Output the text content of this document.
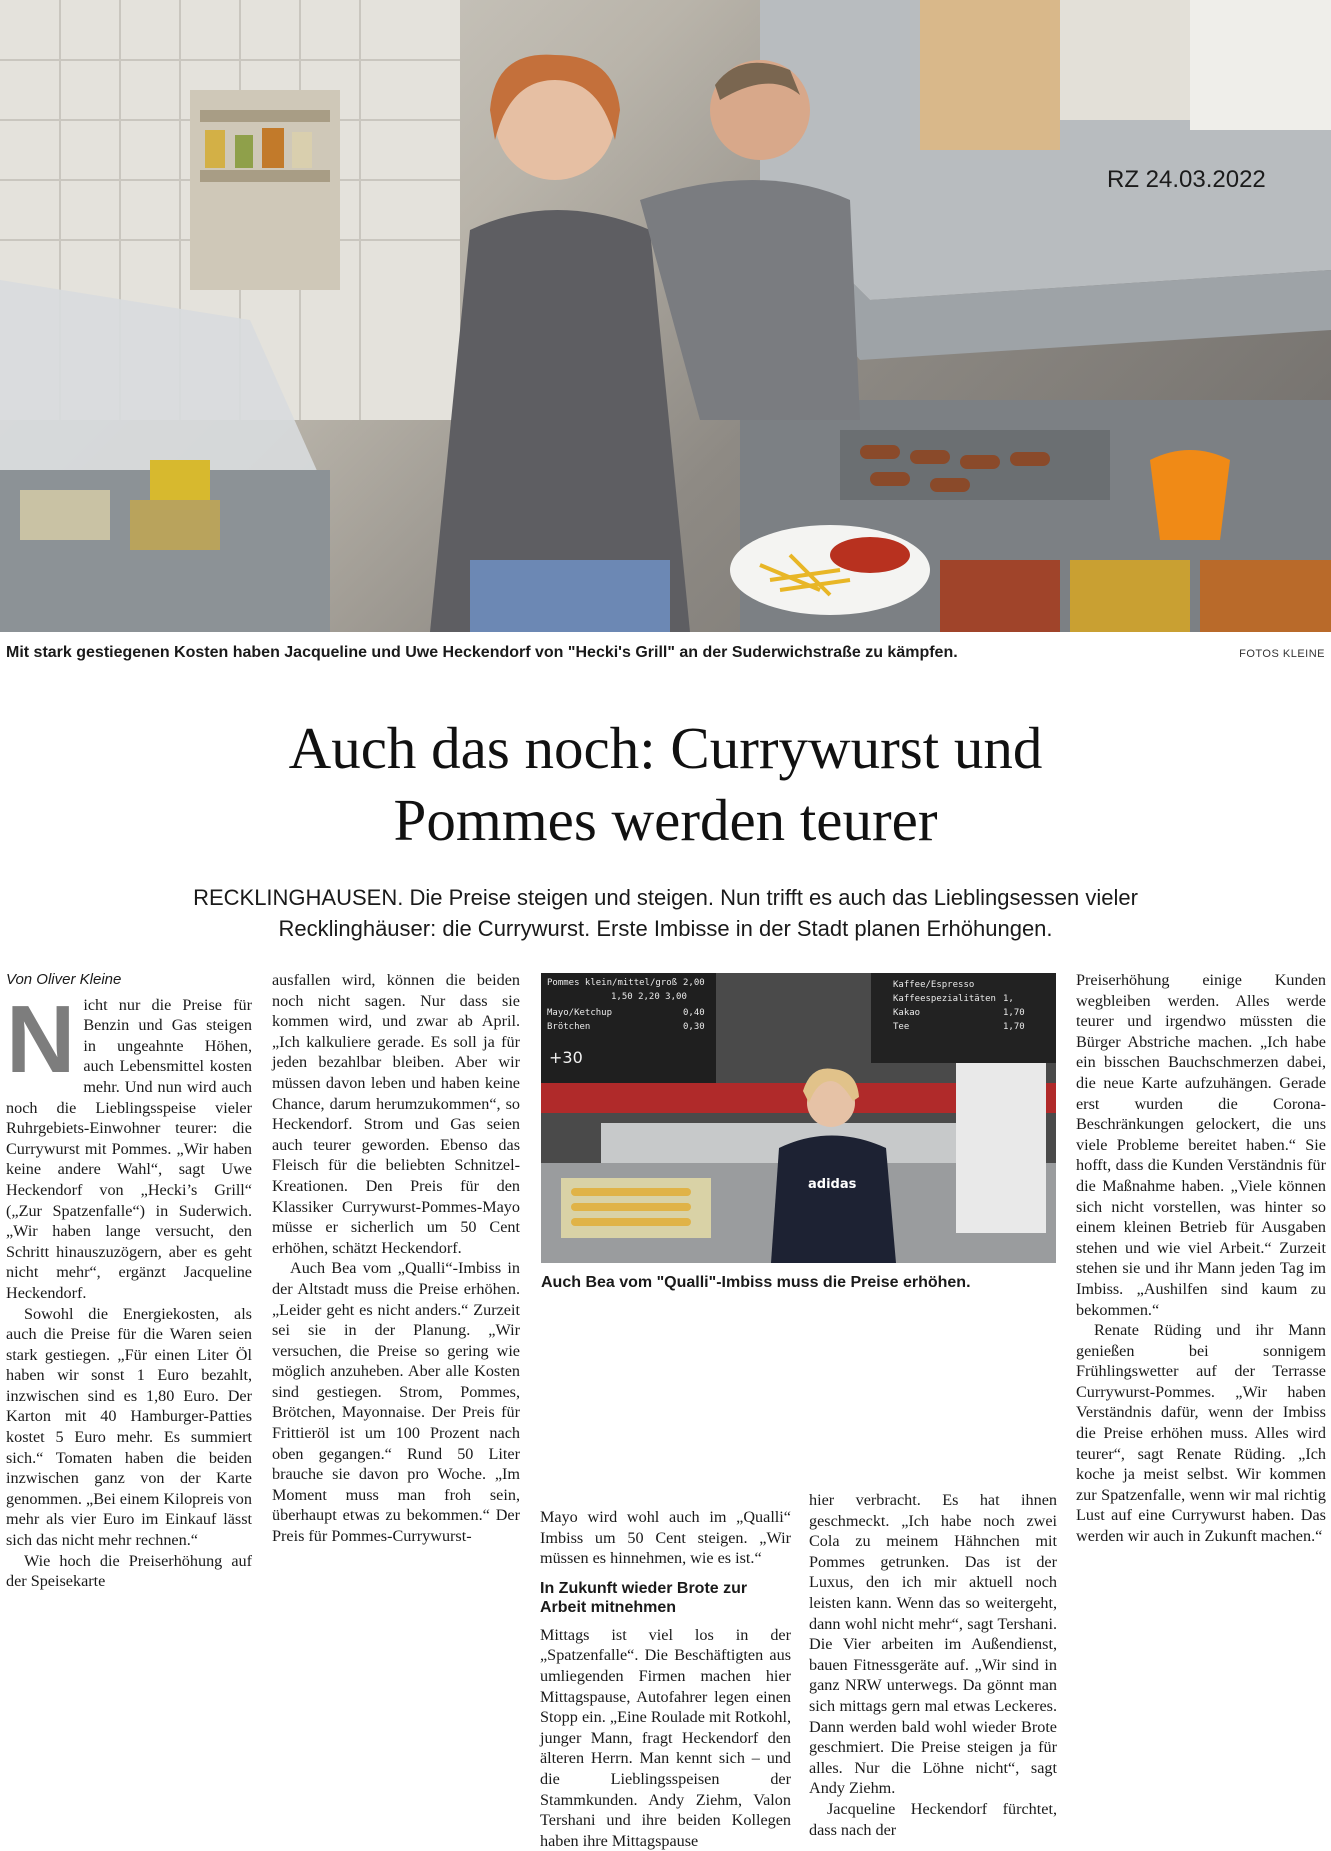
RZ 24.03.2022
Mit stark gestiegenen Kosten haben Jacqueline und Uwe Heckendorf von "Hecki's Grill" an der Suderwichstraße zu kämpfen.	FOTOS KLEINE
Auch das noch: Currywurst und
Pommes werden teurer
RECKLINGHAUSEN. Die Preise steigen und steigen. Nun trifft es auch das Lieblingsessen vieler
Recklinghäuser: die Currywurst. Erste Imbisse in der Stadt planen Erhöhungen.

Von Oliver Kleine

Nicht nur die Preise für Benzin und Gas steigen in ungeahnte Höhen, auch Lebensmittel kosten mehr. Und nun wird auch noch die Lieblingsspeise vieler Ruhrgebiets-Einwohner teurer: die Currywurst mit Pommes. „Wir haben keine andere Wahl“, sagt Uwe Heckendorf von „Hecki’s Grill“ („Zur Spatzenfalle“) in Suderwich. „Wir haben lange versucht, den Schritt hinauszuzögern, aber es geht nicht mehr“, ergänzt Jacqueline Heckendorf.

Sowohl die Energiekosten, als auch die Preise für die Waren seien stark gestiegen. „Für einen Liter Öl haben wir sonst 1 Euro bezahlt, inzwischen sind es 1,80 Euro. Der Karton mit 40 Hamburger-Patties kostet 5 Euro mehr. Es summiert sich.“ Tomaten haben die beiden inzwischen ganz von der Karte genommen. „Bei einem Kilopreis von mehr als vier Euro im Einkauf lässt sich das nicht mehr rechnen.“

Wie hoch die Preiserhöhung auf der Speisekarte

ausfallen wird, können die beiden noch nicht sagen. Nur dass sie kommen wird, und zwar ab April. „Ich kalkuliere gerade. Es soll ja für jeden bezahlbar bleiben. Aber wir müssen davon leben und haben keine Chance, darum herumzukommen“, so Heckendorf. Strom und Gas seien auch teurer geworden. Ebenso das Fleisch für die beliebten Schnitzel-Kreationen. Den Preis für den Klassiker Currywurst-Pommes-Mayo müsse er sicherlich um 50 Cent erhöhen, schätzt Heckendorf.

Auch Bea vom „Qualli“-Imbiss in der Altstadt muss die Preise erhöhen. „Leider geht es nicht anders.“ Zurzeit sei sie in der Planung. „Wir versuchen, die Preise so gering wie möglich anzuheben. Aber alle Kosten sind gestiegen. Strom, Pommes, Brötchen, Mayonnaise. Der Preis für Frittieröl ist um 100 Prozent nach oben gegangen.“ Rund 50 Liter brauche sie davon pro Woche. „Im Moment muss man froh sein, überhaupt etwas zu bekommen.“ Der Preis für Pommes-Currywurst-

Pommes klein/mittel/groß 2,00
1,50 2,20 3,00
Mayo/Ketchup	0,40
Brötchen	0,30
Kaffee/Espresso
Kaffeespezialitäten 1,
Kakao	1,70
Tee	1,70
+30
adidas
Auch Bea vom "Qualli"-Imbiss muss die Preise erhöhen.

Mayo wird wohl auch im „Qualli“ Imbiss um 50 Cent steigen. „Wir müssen es hinnehmen, wie es ist.“

In Zukunft wieder Brote zur Arbeit mitnehmen

Mittags ist viel los in der „Spatzenfalle“. Die Beschäftigten aus umliegenden Firmen machen hier Mittagspause, Autofahrer legen einen Stopp ein. „Eine Roulade mit Rotkohl, junger Mann, fragt Heckendorf den älteren Herrn. Man kennt sich – und die Lieblingsspeisen der Stammkunden. Andy Ziehm, Valon Tershani und ihre beiden Kollegen haben ihre Mittagspause

hier verbracht. Es hat ihnen geschmeckt. „Ich habe noch zwei Cola zu meinem Hähnchen mit Pommes getrunken. Das ist der Luxus, den ich mir aktuell noch leisten kann. Wenn das so weitergeht, dann wohl nicht mehr“, sagt Tershani. Die Vier arbeiten im Außendienst, bauen Fitnessgeräte auf. „Wir sind in ganz NRW unterwegs. Da gönnt man sich mittags gern mal etwas Leckeres. Dann werden bald wohl wieder Brote geschmiert. Die Preise steigen ja für alles. Nur die Löhne nicht“, sagt Andy Ziehm.

Jacqueline Heckendorf fürchtet, dass nach der

Preiserhöhung einige Kunden wegbleiben werden. Alles werde teurer und irgendwo müssten die Bürger Abstriche machen. „Ich habe ein bisschen Bauchschmerzen dabei, die neue Karte aufzuhängen. Gerade erst wurden die Corona-Beschränkungen gelockert, die uns viele Probleme bereitet haben.“ Sie hofft, dass die Kunden Verständnis für die Maßnahme haben. „Viele können sich nicht vorstellen, was hinter so einem kleinen Betrieb für Ausgaben stehen und wie viel Arbeit.“ Zurzeit stehen sie und ihr Mann jeden Tag im Imbiss. „Aushilfen sind kaum zu bekommen.“

Renate Rüding und ihr Mann genießen bei sonnigem Frühlingswetter auf der Terrasse Currywurst-Pommes. „Wir haben Verständnis dafür, wenn der Imbiss die Preise erhöhen muss. Alles wird teurer“, sagt Renate Rüding. „Ich koche ja meist selbst. Wir kommen zur Spatzenfalle, wenn wir mal richtig Lust auf eine Currywurst haben. Das werden wir auch in Zukunft machen.“
